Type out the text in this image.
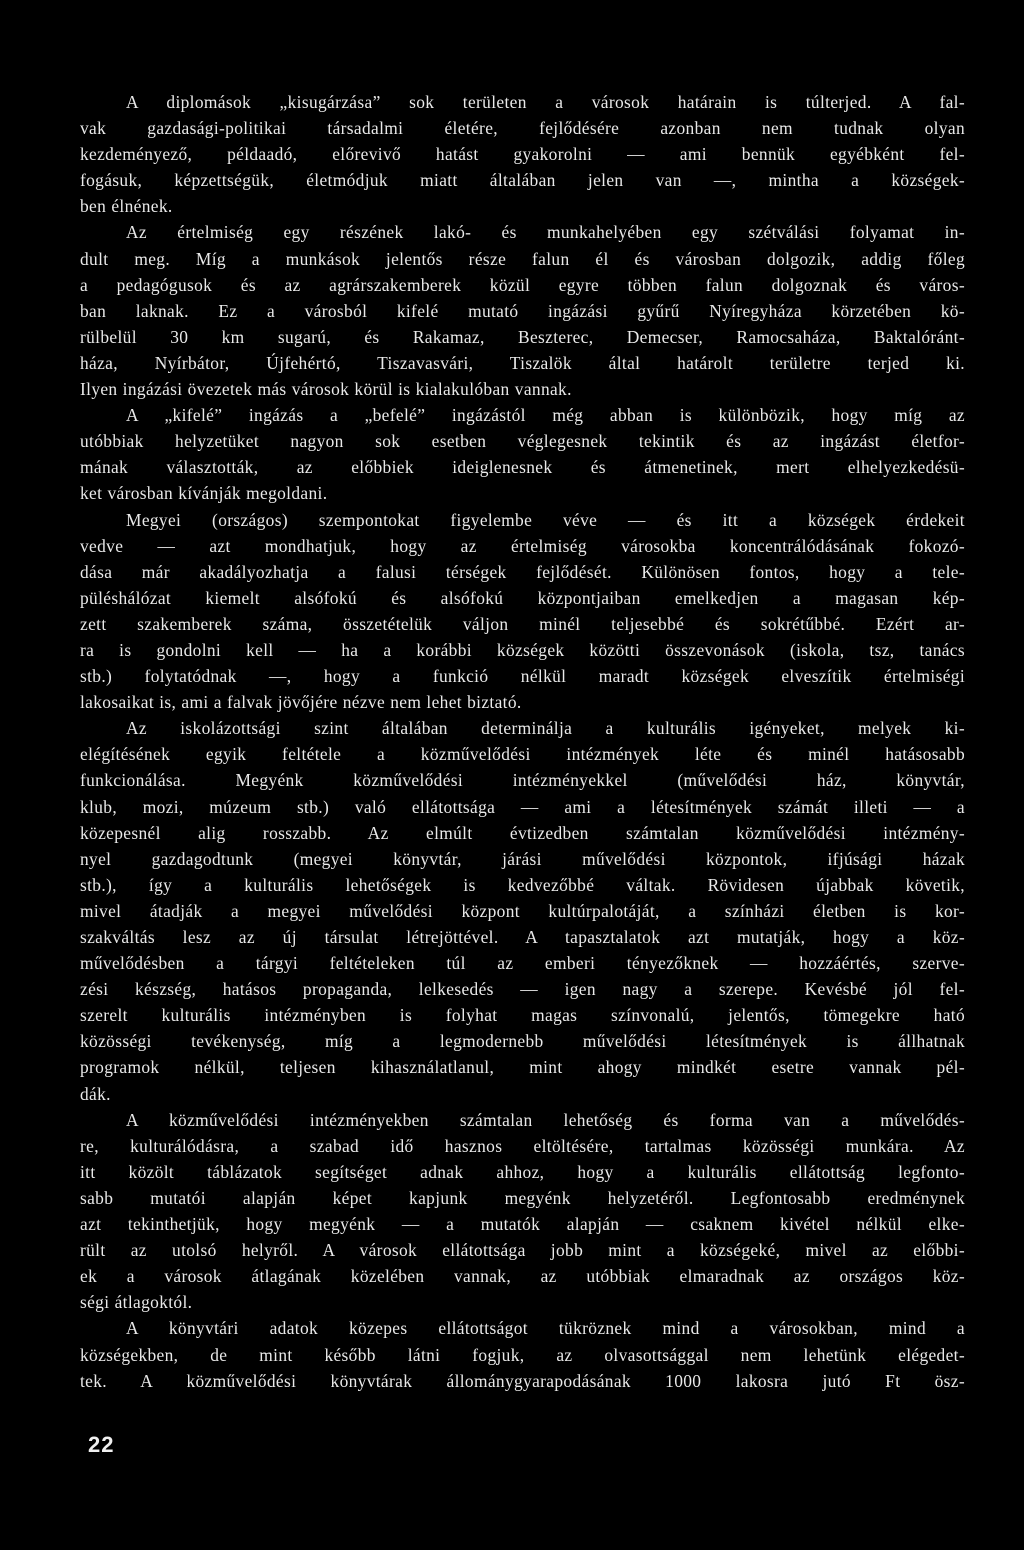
A diplomások „kisugárzása” sok területen a városok határain is túlterjed. A fal-
vak gazdasági-politikai társadalmi életére, fejlődésére azonban nem tudnak olyan
kezdeményező, példaadó, előrevivő hatást gyakorolni — ami bennük egyébként fel-
fogásuk, képzettségük, életmódjuk miatt általában jelen van —, mintha a községek-
ben élnének.
Az értelmiség egy részének lakó- és munkahelyében egy szétválási folyamat in-
dult meg. Míg a munkások jelentős része falun él és városban dolgozik, addig főleg
a pedagógusok és az agrárszakemberek közül egyre többen falun dolgoznak és város-
ban laknak. Ez a városból kifelé mutató ingázási gyűrű Nyíregyháza körzetében kö-
rülbelül 30 km sugarú, és Rakamaz, Beszterec, Demecser, Ramocsaháza, Baktalóránt-
háza, Nyírbátor, Újfehértó, Tiszavasvári, Tiszalök által határolt területre terjed ki.
Ilyen ingázási övezetek más városok körül is kialakulóban vannak.
A „kifelé” ingázás a „befelé” ingázástól még abban is különbözik, hogy míg az
utóbbiak helyzetüket nagyon sok esetben véglegesnek tekintik és az ingázást életfor-
mának választották, az előbbiek ideiglenesnek és átmenetinek, mert elhelyezkedésü-
ket városban kívánják megoldani.
Megyei (országos) szempontokat figyelembe véve — és itt a községek érdekeit
vedve — azt mondhatjuk, hogy az értelmiség városokba koncentrálódásának fokozó-
dása már akadályozhatja a falusi térségek fejlődését. Különösen fontos, hogy a tele-
püléshálózat kiemelt alsófokú és alsófokú központjaiban emelkedjen a magasan kép-
zett szakemberek száma, összetételük váljon minél teljesebbé és sokrétűbbé. Ezért ar-
ra is gondolni kell — ha a korábbi községek közötti összevonások (iskola, tsz, tanács
stb.) folytatódnak —, hogy a funkció nélkül maradt községek elveszítik értelmiségi
lakosaikat is, ami a falvak jövőjére nézve nem lehet biztató.
Az iskolázottsági szint általában determinálja a kulturális igényeket, melyek ki-
elégítésének egyik feltétele a közművelődési intézmények léte és minél hatásosabb
funkcionálása. Megyénk közművelődési intézményekkel (művelődési ház, könyvtár,
klub, mozi, múzeum stb.) való ellátottsága — ami a létesítmények számát illeti — a
közepesnél alig rosszabb. Az elmúlt évtizedben számtalan közművelődési intézmény-
nyel gazdagodtunk (megyei könyvtár, járási művelődési központok, ifjúsági házak
stb.), így a kulturális lehetőségek is kedvezőbbé váltak. Rövidesen újabbak követik,
mivel átadják a megyei művelődési központ kultúrpalotáját, a színházi életben is kor-
szakváltás lesz az új társulat létrejöttével. A tapasztalatok azt mutatják, hogy a köz-
művelődésben a tárgyi feltételeken túl az emberi tényezőknek — hozzáértés, szerve-
zési készség, hatásos propaganda, lelkesedés — igen nagy a szerepe. Kevésbé jól fel-
szerelt kulturális intézményben is folyhat magas színvonalú, jelentős, tömegekre ható
közösségi tevékenység, míg a legmodernebb művelődési létesítmények is állhatnak
programok nélkül, teljesen kihasználatlanul, mint ahogy mindkét esetre vannak pél-
dák.
A közművelődési intézményekben számtalan lehetőség és forma van a művelődés-
re, kulturálódásra, a szabad idő hasznos eltöltésére, tartalmas közösségi munkára. Az
itt közölt táblázatok segítséget adnak ahhoz, hogy a kulturális ellátottság legfonto-
sabb mutatói alapján képet kapjunk megyénk helyzetéről. Legfontosabb eredménynek
azt tekinthetjük, hogy megyénk — a mutatók alapján — csaknem kivétel nélkül elke-
rült az utolsó helyről. A városok ellátottsága jobb mint a községeké, mivel az előbbi-
ek a városok átlagának közelében vannak, az utóbbiak elmaradnak az országos köz-
ségi átlagoktól.
A könyvtári adatok közepes ellátottságot tükröznek mind a városokban, mind a
községekben, de mint később látni fogjuk, az olvasottsággal nem lehetünk elégedet-
tek. A közművelődési könyvtárak állománygyarapodásának 1000 lakosra jutó Ft ösz-
22
